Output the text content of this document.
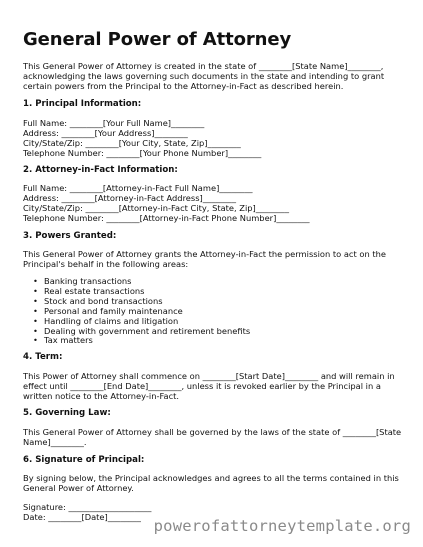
General Power of Attorney

This General Power of Attorney is created in the state of ________[State Name]________,

acknowledging the laws governing such documents in the state and intending to grant

certain powers from the Principal to the Attorney-in-Fact as described herein.

1. Principal Information:

Full Name: ________[Your Full Name]________

Address: ________[Your Address]________

City/State/Zip: ________[Your City, State, Zip]________

Telephone Number: ________[Your Phone Number]________

2. Attorney-in-Fact Information:

Full Name: ________[Attorney-in-Fact Full Name]________

Address: ________[Attorney-in-Fact Address]________

City/State/Zip: ________[Attorney-in-Fact City, State, Zip]________

Telephone Number: ________[Attorney-in-Fact Phone Number]________

3. Powers Granted:

This General Power of Attorney grants the Attorney-in-Fact the permission to act on the

Principal's behalf in the following areas:

• Banking transactions
• Real estate transactions
• Stock and bond transactions
• Personal and family maintenance
• Handling of claims and litigation
• Dealing with government and retirement benefits
• Tax matters

4. Term:

This Power of Attorney shall commence on ________[Start Date]________ and will remain in

effect until ________[End Date]________, unless it is revoked earlier by the Principal in a

written notice to the Attorney-in-Fact.

5. Governing Law:

This General Power of Attorney shall be governed by the laws of the state of ________[State

Name]________.

6. Signature of Principal:

By signing below, the Principal acknowledges and agrees to all the terms contained in this

General Power of Attorney.

Signature: ____________________

Date: ________[Date]________ powerofattorneytemplate.org
